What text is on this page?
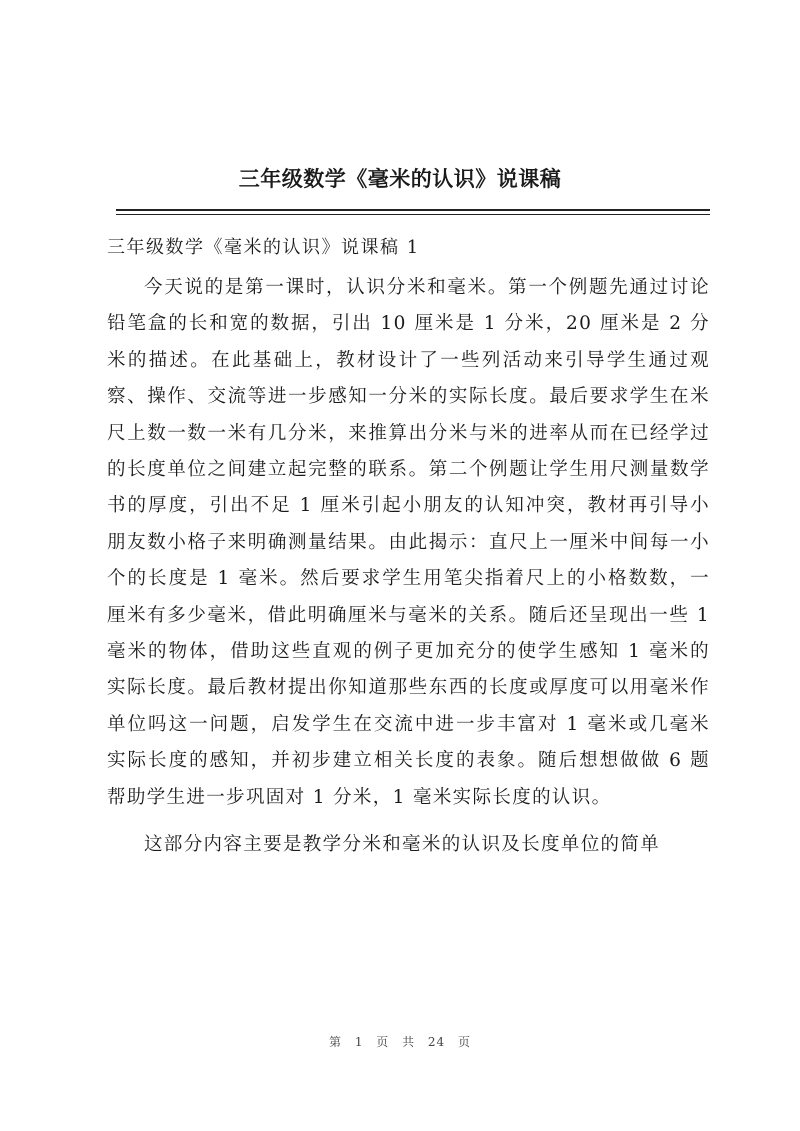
三年级数学《毫米的认识》说课稿
三年级数学《毫米的认识》说课稿 1

今天说的是第一课时，认识分米和毫米。第一个例题先通过讨论铅笔盒的长和宽的数据，引出 10 厘米是 1 分米，20 厘米是 2 分米的描述。在此基础上，教材设计了一些列活动来引导学生通过观察、操作、交流等进一步感知一分米的实际长度。最后要求学生在米尺上数一数一米有几分米，来推算出分米与米的进率从而在已经学过的长度单位之间建立起完整的联系。第二个例题让学生用尺测量数学书的厚度，引出不足 1 厘米引起小朋友的认知冲突，教材再引导小朋友数小格子来明确测量结果。由此揭示：直尺上一厘米中间每一小个的长度是 1 毫米。然后要求学生用笔尖指着尺上的小格数数，一厘米有多少毫米，借此明确厘米与毫米的关系。随后还呈现出一些 1 毫米的物体，借助这些直观的例子更加充分的使学生感知 1 毫米的实际长度。最后教材提出你知道那些东西的长度或厚度可以用毫米作单位吗这一问题，启发学生在交流中进一步丰富对 1 毫米或几毫米实际长度的感知，并初步建立相关长度的表象。随后想想做做 6 题帮助学生进一步巩固对 1 分米，1 毫米实际长度的认识。

这部分内容主要是教学分米和毫米的认识及长度单位的简单

第 1 页 共 24 页
